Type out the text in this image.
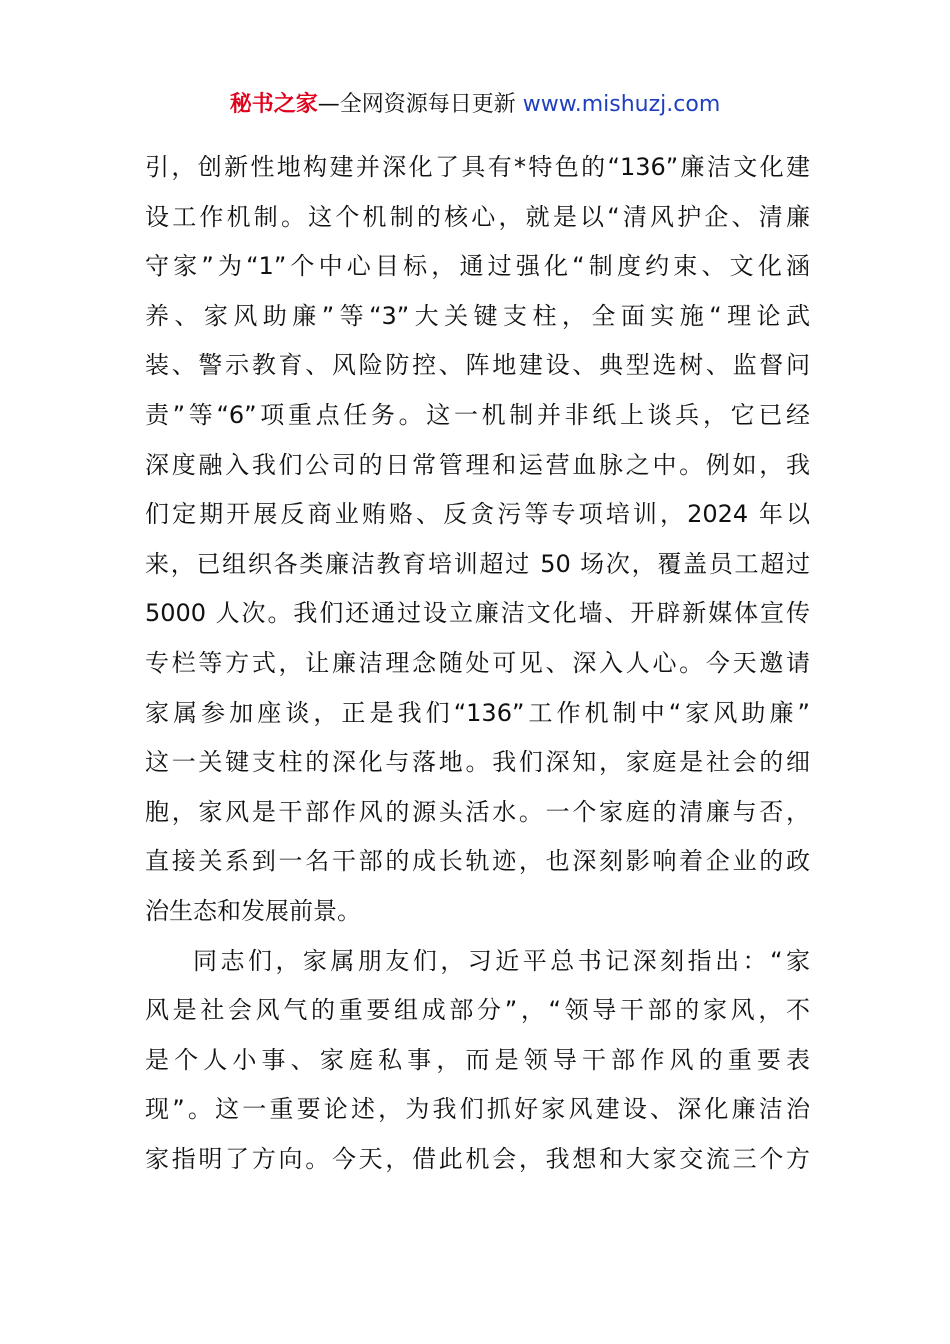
秘书之家—全网资源每日更新 www.mishuzj.com
引，创新性地构建并深化了具有*特色的“136”廉洁文化建
设工作机制。这个机制的核心，就是以“清风护企、清廉
守家”为“1”个中心目标，通过强化“制度约束、文化涵
养、家风助廉”等“3”大关键支柱，全面实施“理论武
装、警示教育、风险防控、阵地建设、典型选树、监督问
责”等“6”项重点任务。这一机制并非纸上谈兵，它已经
深度融入我们公司的日常管理和运营血脉之中。例如，我
们定期开展反商业贿赂、反贪污等专项培训，2024 年以
来，已组织各类廉洁教育培训超过 50 场次，覆盖员工超过
5000 人次。我们还通过设立廉洁文化墙、开辟新媒体宣传
专栏等方式，让廉洁理念随处可见、深入人心。今天邀请
家属参加座谈，正是我们“136”工作机制中“家风助廉”
这一关键支柱的深化与落地。我们深知，家庭是社会的细
胞，家风是干部作风的源头活水。一个家庭的清廉与否，
直接关系到一名干部的成长轨迹，也深刻影响着企业的政
治生态和发展前景。
同志们，家属朋友们，习近平总书记深刻指出：“家
风是社会风气的重要组成部分”，“领导干部的家风，不
是个人小事、家庭私事，而是领导干部作风的重要表
现”。这一重要论述，为我们抓好家风建设、深化廉洁治
家指明了方向。今天，借此机会，我想和大家交流三个方
